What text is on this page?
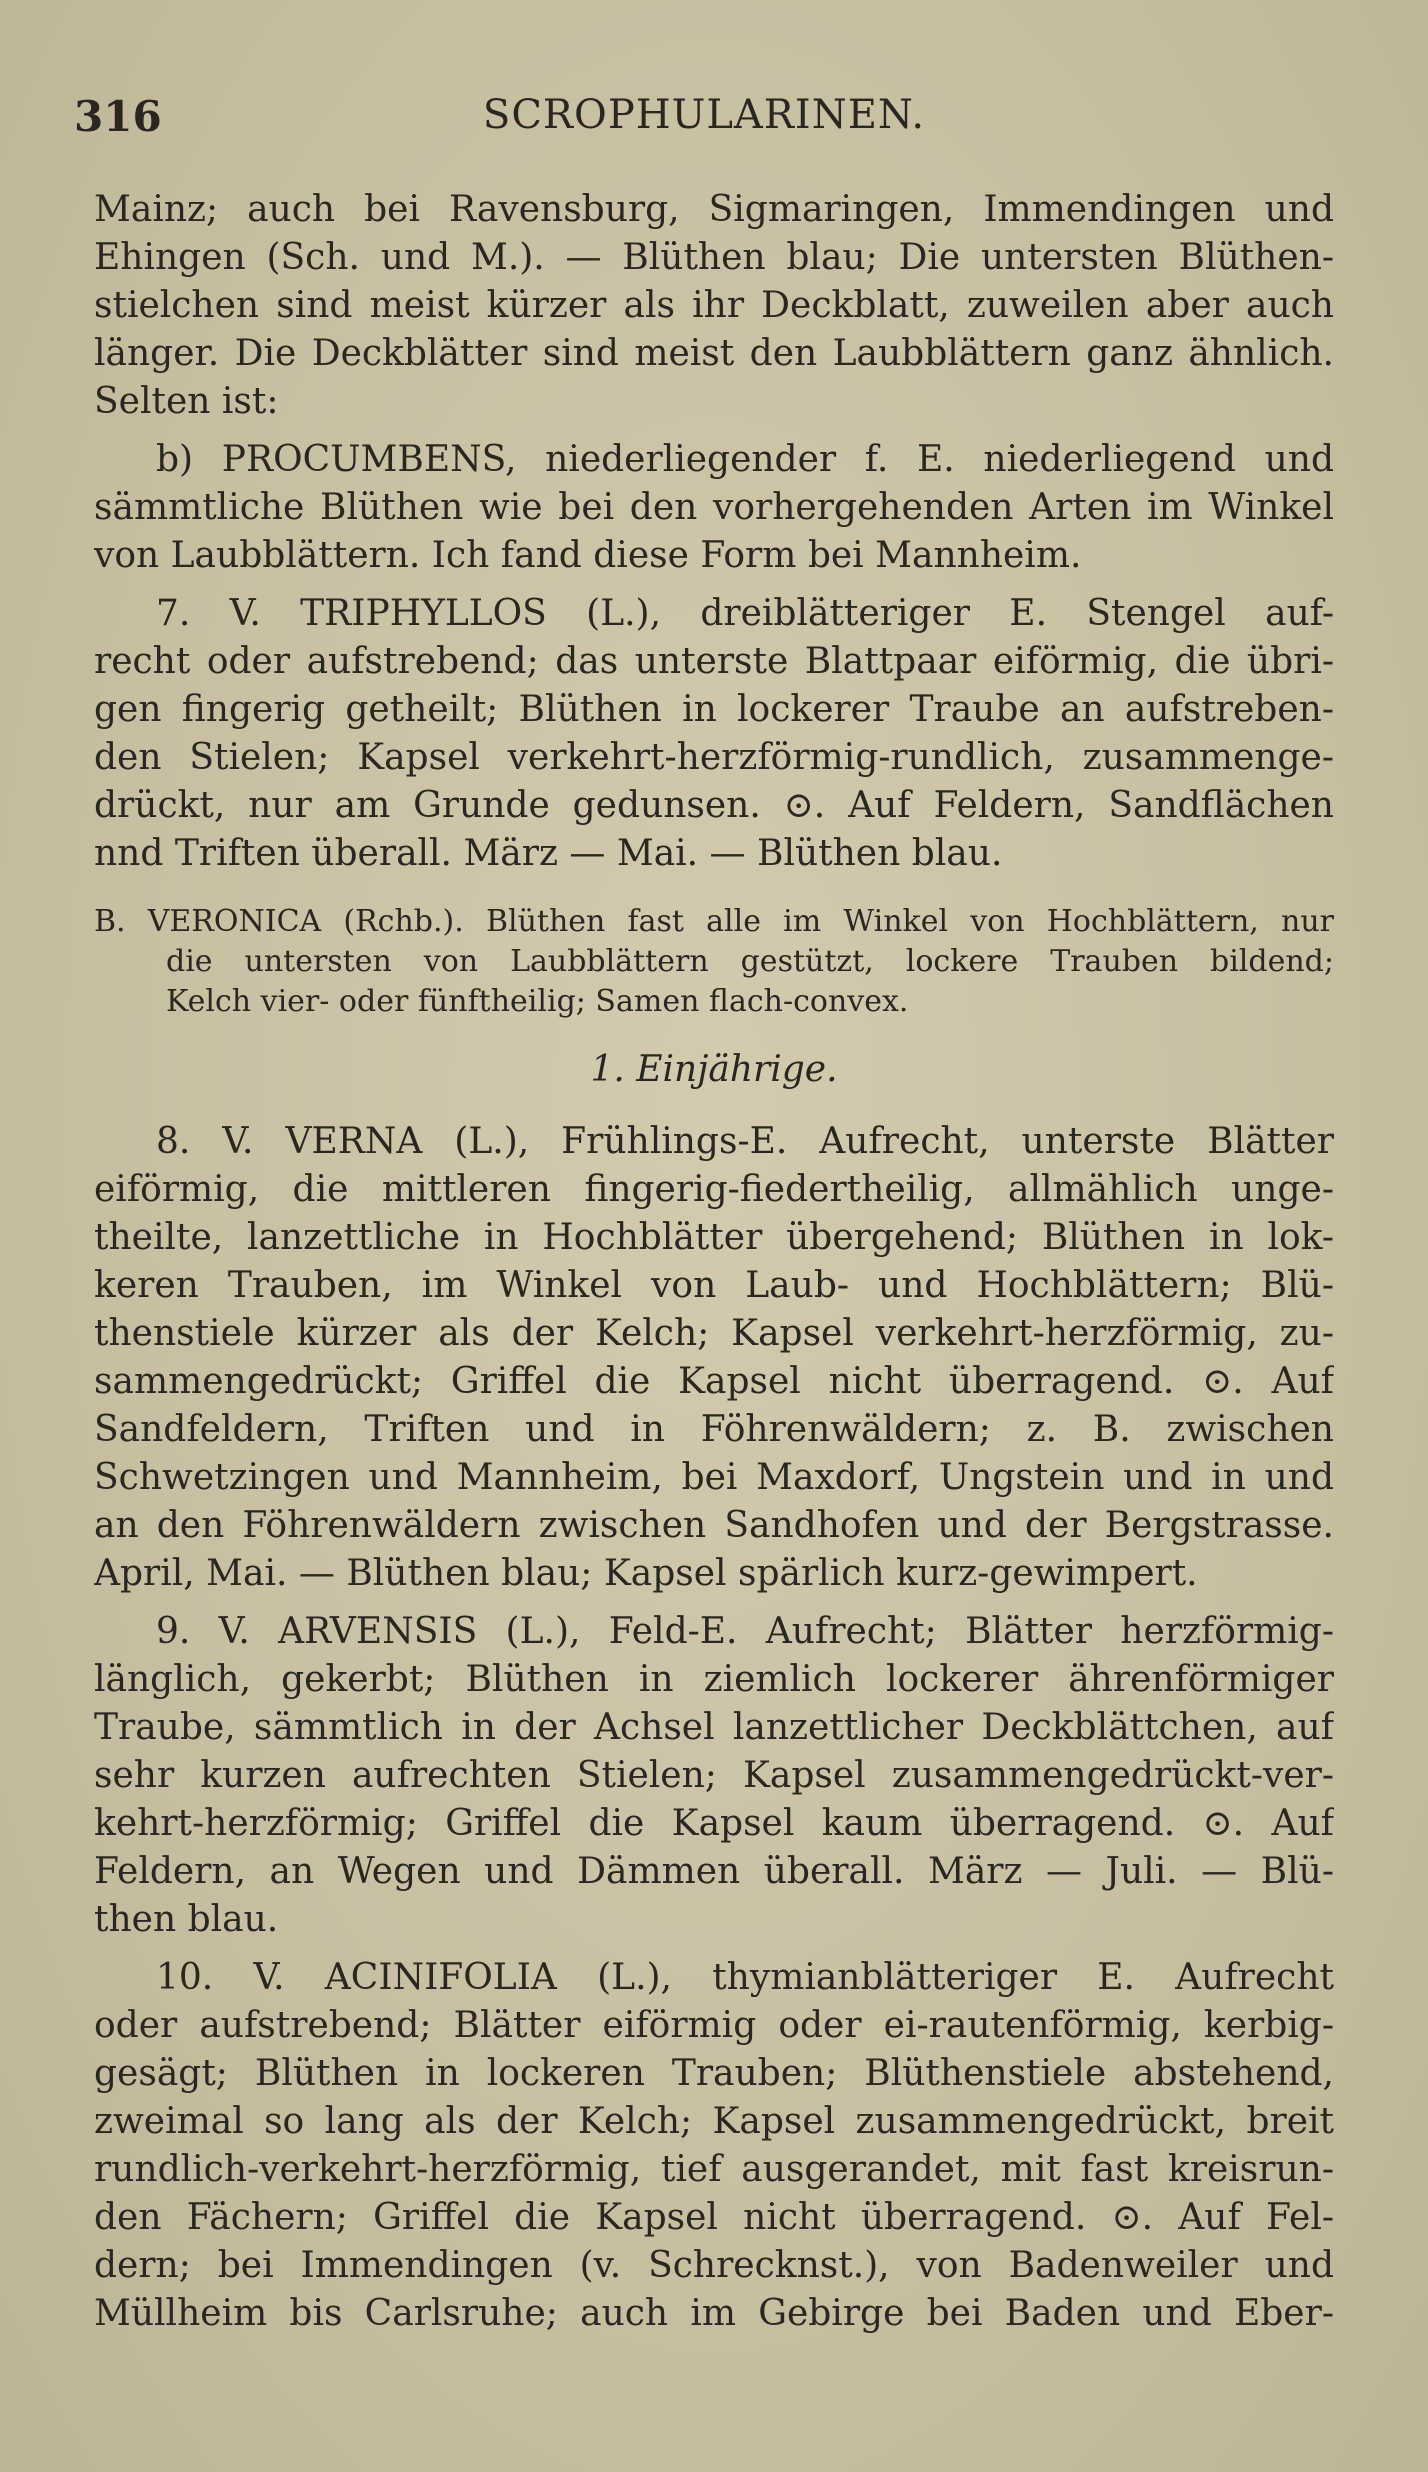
316	SCROPHULARINEN.
Mainz; auch bei Ravensburg, Sigmaringen, Immendingen und
Ehingen (Sch. und M.). — Blüthen blau; Die untersten Blüthen-
stielchen sind meist kürzer als ihr Deckblatt, zuweilen aber auch
länger. Die Deckblätter sind meist den Laubblättern ganz ähnlich.
Selten ist:
b) PROCUMBENS, niederliegender f. E. niederliegend und
sämmtliche Blüthen wie bei den vorhergehenden Arten im Winkel
von Laubblättern. Ich fand diese Form bei Mannheim.
7. V. TRIPHYLLOS (L.), dreiblätteriger E. Stengel auf-
recht oder aufstrebend; das unterste Blattpaar eiförmig, die übri-
gen fingerig getheilt; Blüthen in lockerer Traube an aufstreben-
den Stielen; Kapsel verkehrt-herzförmig-rundlich, zusammenge-
drückt, nur am Grunde gedunsen. ⊙. Auf Feldern, Sandflächen
nnd Triften überall. März — Mai. — Blüthen blau.
B. VERONICA (Rchb.). Blüthen fast alle im Winkel von Hochblättern, nur
die untersten von Laubblättern gestützt, lockere Trauben bildend;
Kelch vier- oder fünftheilig; Samen flach-convex.
1. Einjährige.
8. V. VERNA (L.), Frühlings-E. Aufrecht, unterste Blätter
eiförmig, die mittleren fingerig-fiedertheilig, allmählich unge-
theilte, lanzettliche in Hochblätter übergehend; Blüthen in lok-
keren Trauben, im Winkel von Laub- und Hochblättern; Blü-
thenstiele kürzer als der Kelch; Kapsel verkehrt-herzförmig, zu-
sammengedrückt; Griffel die Kapsel nicht überragend. ⊙. Auf
Sandfeldern, Triften und in Föhrenwäldern; z. B. zwischen
Schwetzingen und Mannheim, bei Maxdorf, Ungstein und in und
an den Föhrenwäldern zwischen Sandhofen und der Bergstrasse.
April, Mai. — Blüthen blau; Kapsel spärlich kurz-gewimpert.
9. V. ARVENSIS (L.), Feld-E. Aufrecht; Blätter herzförmig-
länglich, gekerbt; Blüthen in ziemlich lockerer ährenförmiger
Traube, sämmtlich in der Achsel lanzettlicher Deckblättchen, auf
sehr kurzen aufrechten Stielen; Kapsel zusammengedrückt-ver-
kehrt-herzförmig; Griffel die Kapsel kaum überragend. ⊙. Auf
Feldern, an Wegen und Dämmen überall. März — Juli. — Blü-
then blau.
10. V. ACINIFOLIA (L.), thymianblätteriger E. Aufrecht
oder aufstrebend; Blätter eiförmig oder ei-rautenförmig, kerbig-
gesägt; Blüthen in lockeren Trauben; Blüthenstiele abstehend,
zweimal so lang als der Kelch; Kapsel zusammengedrückt, breit
rundlich-verkehrt-herzförmig, tief ausgerandet, mit fast kreisrun-
den Fächern; Griffel die Kapsel nicht überragend. ⊙. Auf Fel-
dern; bei Immendingen (v. Schrecknst.), von Badenweiler und
Müllheim bis Carlsruhe; auch im Gebirge bei Baden und Eber-
